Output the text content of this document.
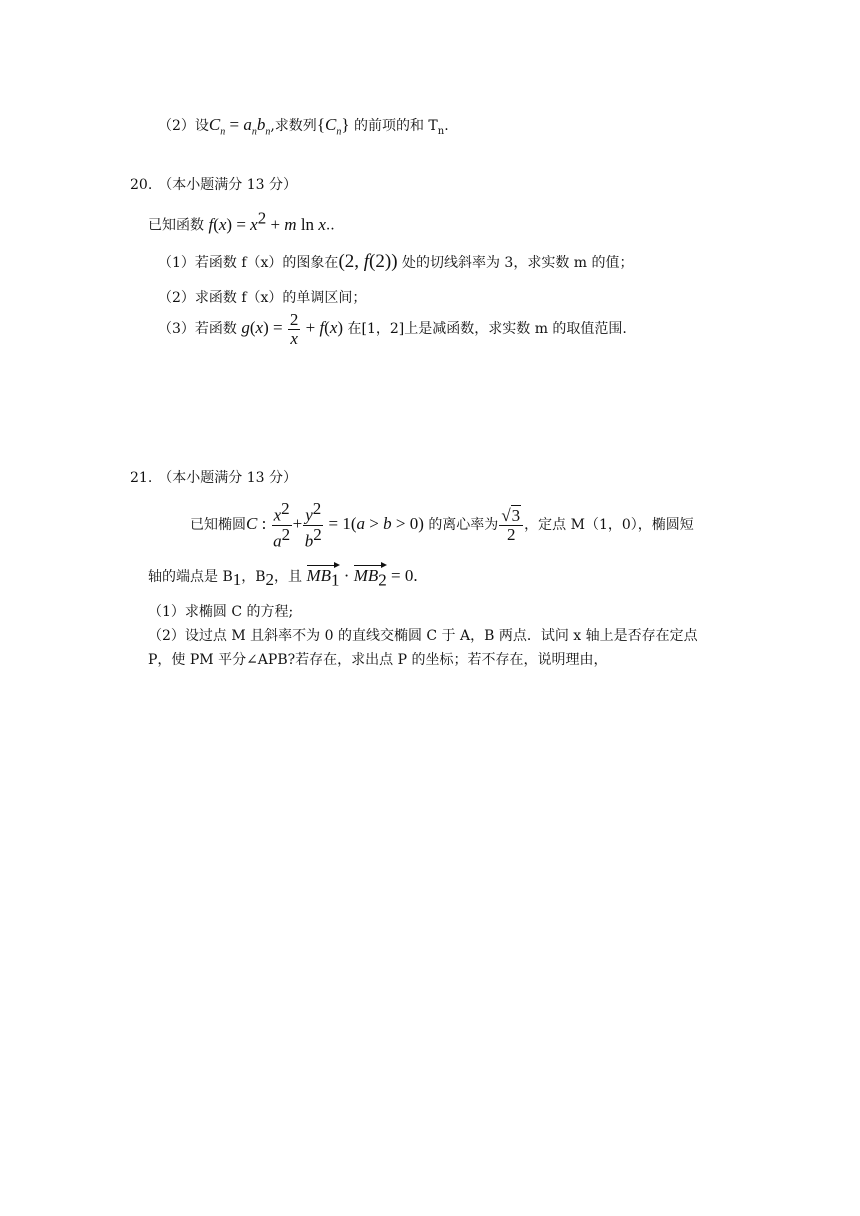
（2）设$C_n = a_nb_n$,求数列$\{C_n\}$ 的前项的和 $T_n$.
20. （本小题满分 13 分）
已知函数 $f(x) = x^2 + m$ ln x..
（1）若函数 f（x）的图象在(2, f(2)) 处的切线斜率为 3，求实数 m 的值；
（2）求函数 f（x）的单调区间；
（3）若函数 $g(x) = \frac{2}{x} + f(x)$ 在[1，2]上是减函数，求实数 m 的取值范围.
21. （本小题满分 13 分）
已知椭圆C : $\frac{x^2}{a^2} + \frac{y^2}{b^2} = 1(a > b > 0)$ 的离心率为 $\frac{√3}{2}$ ，定点 M（1，0），椭圆短
轴的端点是 $B_1$，$B_2$，且 $MB_1 \cdot MB_2 = 0$.
（1）求椭圆 C 的方程;
（2）设过点 M 且斜率不为 0 的直线交椭圆 C 于 A，B 两点．试问 x 轴上是否存在定点
P，使 PM 平分∠APB?若存在，求出点 P 的坐标；若不存在，说明理由，
